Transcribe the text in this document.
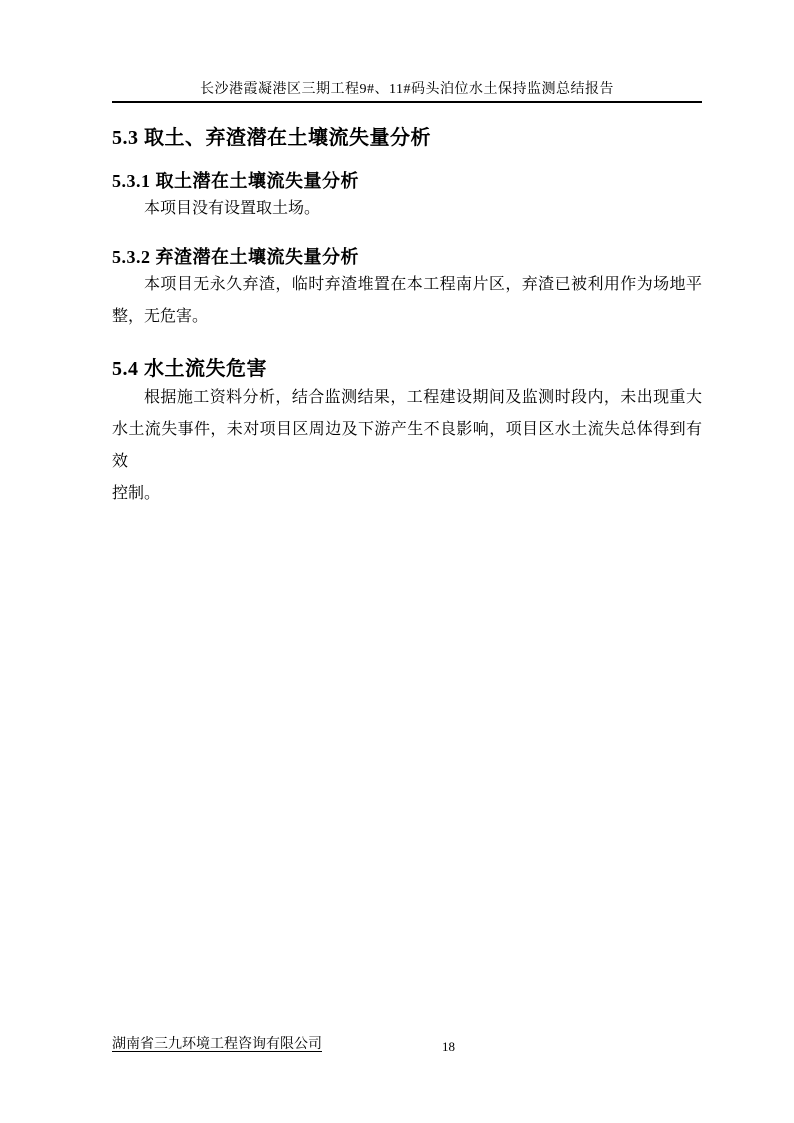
长沙港霞凝港区三期工程9#、11#码头泊位水土保持监测总结报告
5.3 取土、弃渣潜在土壤流失量分析
5.3.1 取土潜在土壤流失量分析
本项目没有设置取土场。
5.3.2 弃渣潜在土壤流失量分析
本项目无永久弃渣，临时弃渣堆置在本工程南片区，弃渣已被利用作为场地平
整，无危害。
5.4 水土流失危害
根据施工资料分析，结合监测结果，工程建设期间及监测时段内，未出现重大
水土流失事件，未对项目区周边及下游产生不良影响，项目区水土流失总体得到有效
控制。
湖南省三九环境工程咨询有限公司	18
